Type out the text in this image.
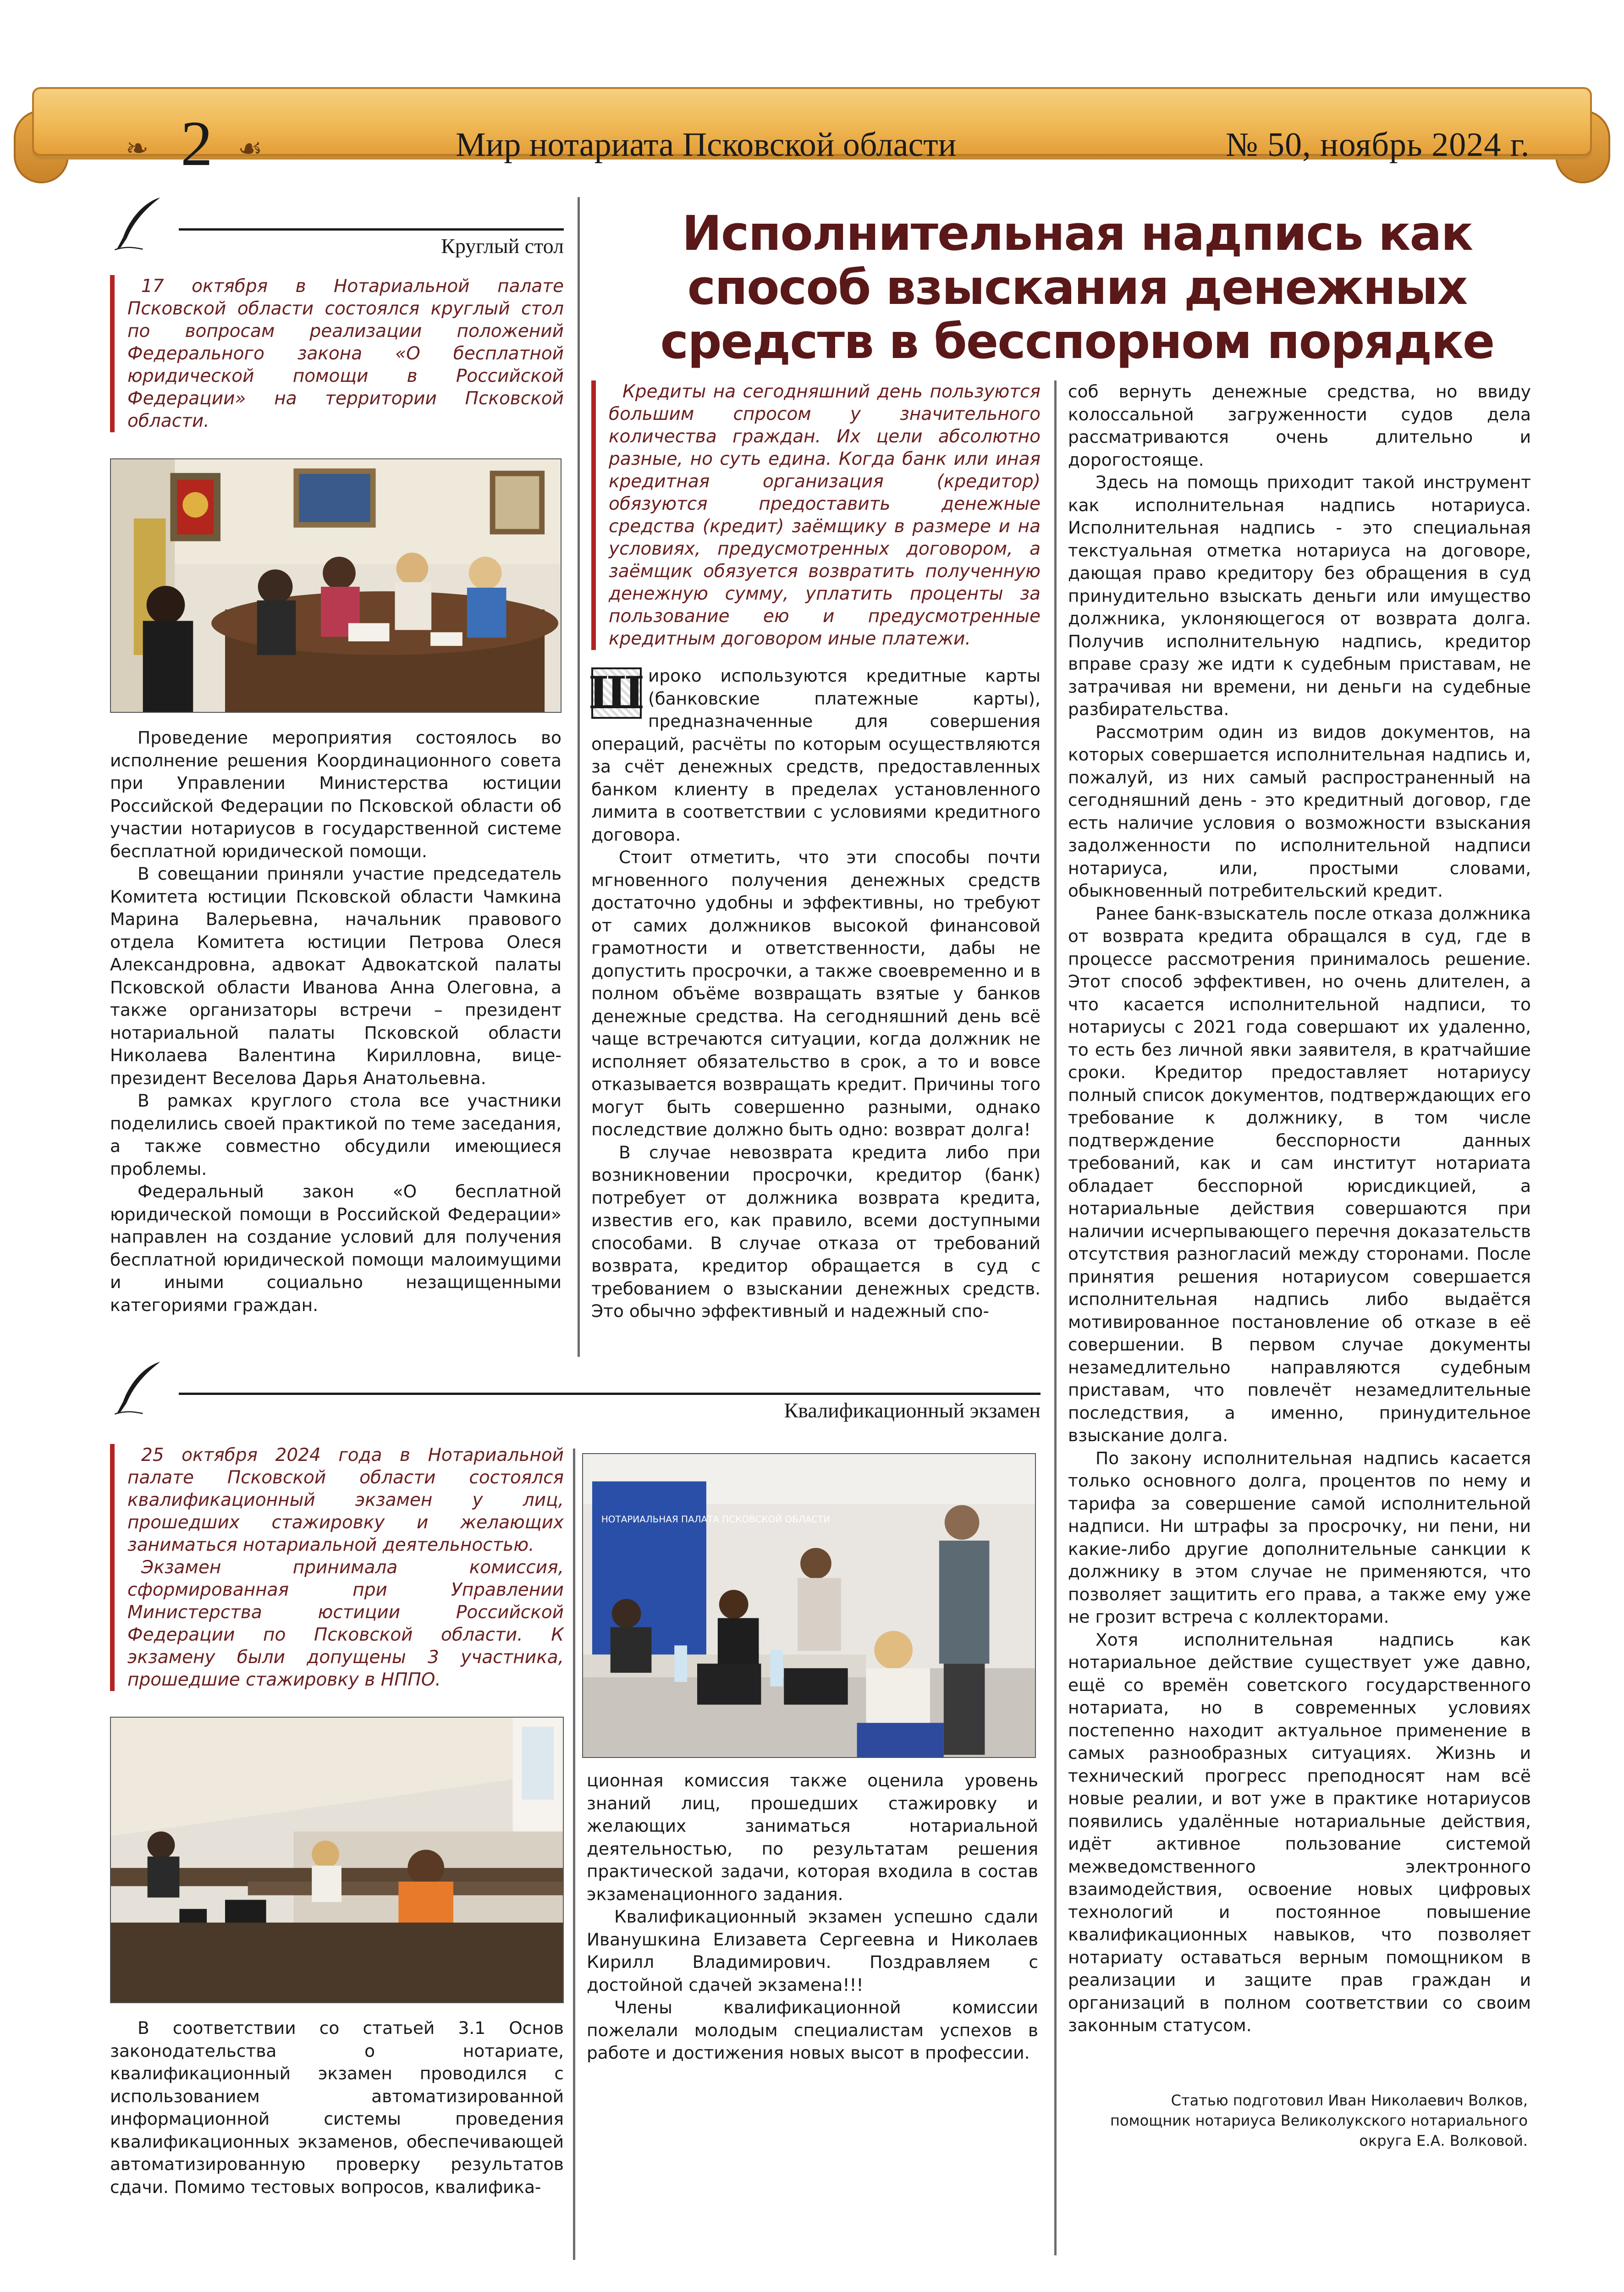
❧ 2 ☙	Мир нотариата Псковской области	№ 50, ноябрь 2024 г.
Круглый стол

17 октября в Нотариальной палате Псковской области состоялся круглый стол по вопросам реализации положений Федерального закона «О бесплатной юридической помощи в Российской Федерации» на территории Псковской области.

Проведение мероприятия состоялось во исполнение решения Координационного совета при Управлении Министерства юстиции Российской Федерации по Псковской области об участии нотариусов в государственной системе бесплатной юридической помощи.

В совещании приняли участие председатель Комитета юстиции Псковской области Чамкина Марина Валерьевна, начальник правового отдела Комитета юстиции Петрова Олеся Александровна, адвокат Адвокатской палаты Псковской области Иванова Анна Олеговна, а также организаторы встречи – президент нотариальной палаты Псковской области Николаева Валентина Кирилловна, вице-президент Веселова Дарья Анатольевна.

В рамках круглого стола все участники поделились своей практикой по теме заседания, а также совместно обсудили имеющиеся проблемы.

Федеральный закон «О бесплатной юридической помощи в Российской Федерации» направлен на создание условий для получения бесплатной юридической помощи малоимущими и иными социально незащищенными категориями граждан.

Исполнительная надпись как способ взыскания денежных средств в бесспорном порядке

Кредиты на сегодняшний день пользуются большим спросом у значительного количества граждан. Их цели абсолютно разные, но суть едина. Когда банк или иная кредитная организация (кредитор) обязуются предоставить денежные средства (кредит) заёмщику в размере и на условиях, предусмотренных договором, а заёмщик обязуется возвратить полученную денежную сумму, уплатить проценты за пользование ею и предусмотренные кредитным договором иные платежи.

Ш ироко используются кредитные карты (банковские платежные карты), предназначенные для совершения операций, расчёты по которым осуществляются за счёт денежных средств, предоставленных банком клиенту в пределах установленного лимита в соответствии с условиями кредитного договора.

Стоит отметить, что эти способы почти мгновенного получения денежных средств достаточно удобны и эффективны, но требуют от самих должников высокой финансовой грамотности и ответственности, дабы не допустить просрочки, а также своевременно и в полном объёме возвращать взятые у банков денежные средства. На сегодняшний день всё чаще встречаются ситуации, когда должник не исполняет обязательство в срок, а то и вовсе отказывается возвращать кредит. Причины того могут быть совершенно разными, однако последствие должно быть одно: возврат долга!

В случае невозврата кредита либо при возникновении просрочки, кредитор (банк) потребует от должника возврата кредита, известив его, как правило, всеми доступными способами. В случае отказа от требований возврата, кредитор обращается в суд с требованием о взыскании денежных средств. Это обычно эффективный и надежный спо-

соб вернуть денежные средства, но ввиду колоссальной загруженности судов дела рассматриваются очень длительно и дорогостояще.

Здесь на помощь приходит такой инструмент как исполнительная надпись нотариуса. Исполнительная надпись - это специальная текстуальная отметка нотариуса на договоре, дающая право кредитору без обращения в суд принудительно взыскать деньги или имущество должника, уклоняющегося от возврата долга. Получив исполнительную надпись, кредитор вправе сразу же идти к судебным приставам, не затрачивая ни времени, ни деньги на судебные разбирательства.

Рассмотрим один из видов документов, на которых совершается исполнительная надпись и, пожалуй, из них самый распространенный на сегодняшний день - это кредитный договор, где есть наличие условия о возможности взыскания задолженности по исполнительной надписи нотариуса, или, простыми словами, обыкновенный потребительский кредит.

Ранее банк-взыскатель после отказа должника от возврата кредита обращался в суд, где в процессе рассмотрения принималось решение. Этот способ эффективен, но очень длителен, а что касается исполнительной надписи, то нотариусы с 2021 года совершают их удаленно, то есть без личной явки заявителя, в кратчайшие сроки. Кредитор предоставляет нотариусу полный список документов, подтверждающих его требование к должнику, в том числе подтверждение бесспорности данных требований, как и сам институт нотариата обладает бесспорной юрисдикцией, а нотариальные действия совершаются при наличии исчерпывающего перечня доказательств отсутствия разногласий между сторонами. После принятия решения нотариусом совершается исполнительная надпись либо выдаётся мотивированное постановление об отказе в её совершении. В первом случае документы незамедлительно направляются судебным приставам, что повлечёт незамедлительные последствия, а именно, принудительное взыскание долга.

По закону исполнительная надпись касается только основного долга, процентов по нему и тарифа за совершение самой исполнительной надписи. Ни штрафы за просрочку, ни пени, ни какие-либо другие дополнительные санкции к должнику в этом случае не применяются, что позволяет защитить его права, а также ему уже не грозит встреча с коллекторами.

Хотя исполнительная надпись как нотариальное действие существует уже давно, ещё со времён советского государственного нотариата, но в современных условиях постепенно находит актуальное применение в самых разнообразных ситуациях. Жизнь и технический прогресс преподносят нам всё новые реалии, и вот уже в практике нотариусов появились удалённые нотариальные действия, идёт активное пользование системой межведомственного электронного взаимодействия, освоение новых цифровых технологий и постоянное повышение квалификационных навыков, что позволяет нотариату оставаться верным помощником в реализации и защите прав граждан и организаций в полном соответствии со своим законным статусом.

Статью подготовил Иван Николаевич Волков,
помощник нотариуса Великолукского нотариального
округа Е.А. Волковой.
Квалификационный экзамен

25 октября 2024 года в Нотариальной палате Псковской области состоялся квалификационный экзамен у лиц, прошедших стажировку и желающих заниматься нотариальной деятельностью.

Экзамен принимала комиссия, сформированная при Управлении Министерства юстиции Российской Федерации по Псковской области. К экзамену были допущены 3 участника, прошедшие стажировку в НППО.

НОТАРИАЛЬНАЯ ПАЛАТА ПСКОВСКОЙ ОБЛАСТИ

В соответствии со статьей 3.1 Основ законодательства о нотариате, квалификационный экзамен проводился с использованием автоматизированной информационной системы проведения квалификационных экзаменов, обеспечивающей автоматизированную проверку результатов сдачи. Помимо тестовых вопросов, квалифика-

ционная комиссия также оценила уровень знаний лиц, прошедших стажировку и желающих заниматься нотариальной деятельностью, по результатам решения практической задачи, которая входила в состав экзаменационного задания.

Квалификационный экзамен успешно сдали Иванушкина Елизавета Сергеевна и Николаев Кирилл Владимирович. Поздравляем с достойной сдачей экзамена!!!

Члены квалификационной комиссии пожелали молодым специалистам успехов в работе и достижения новых высот в профессии.
